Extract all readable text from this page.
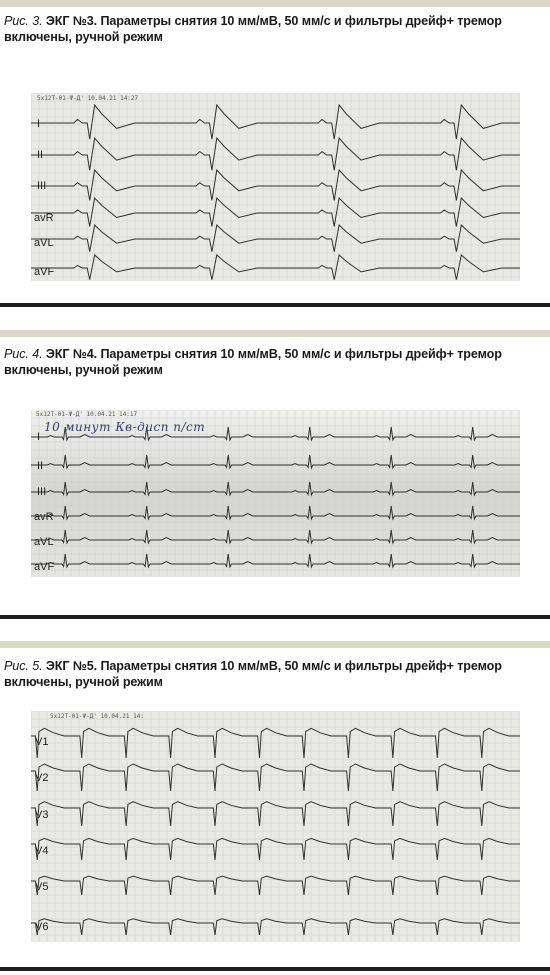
Рис. 3. ЭКГ №3. Параметры снятия 10 мм/мВ, 50 мм/с и фильтры дрейф+ тремор включены, ручной режим
5x12T-01-Ψ-Д' 10.04.21 14:27
I
II
III
avR
aVL
aVF
Рис. 4. ЭКГ №4. Параметры снятия 10 мм/мВ, 50 мм/с и фильтры дрейф+ тремор включены, ручной режим
5x12T-01-Ψ-Д' 10.04.21 14:17
10 минут Кв-дисп п/ст
I
II
III
avR
aVL
aVF
Рис. 5. ЭКГ №5. Параметры снятия 10 мм/мВ, 50 мм/с и фильтры дрейф+ тремор включены, ручной режим
5x12T-01-Ψ-Д' 10.04.21 14:
V1
V2
V3
V4
V5
V6
